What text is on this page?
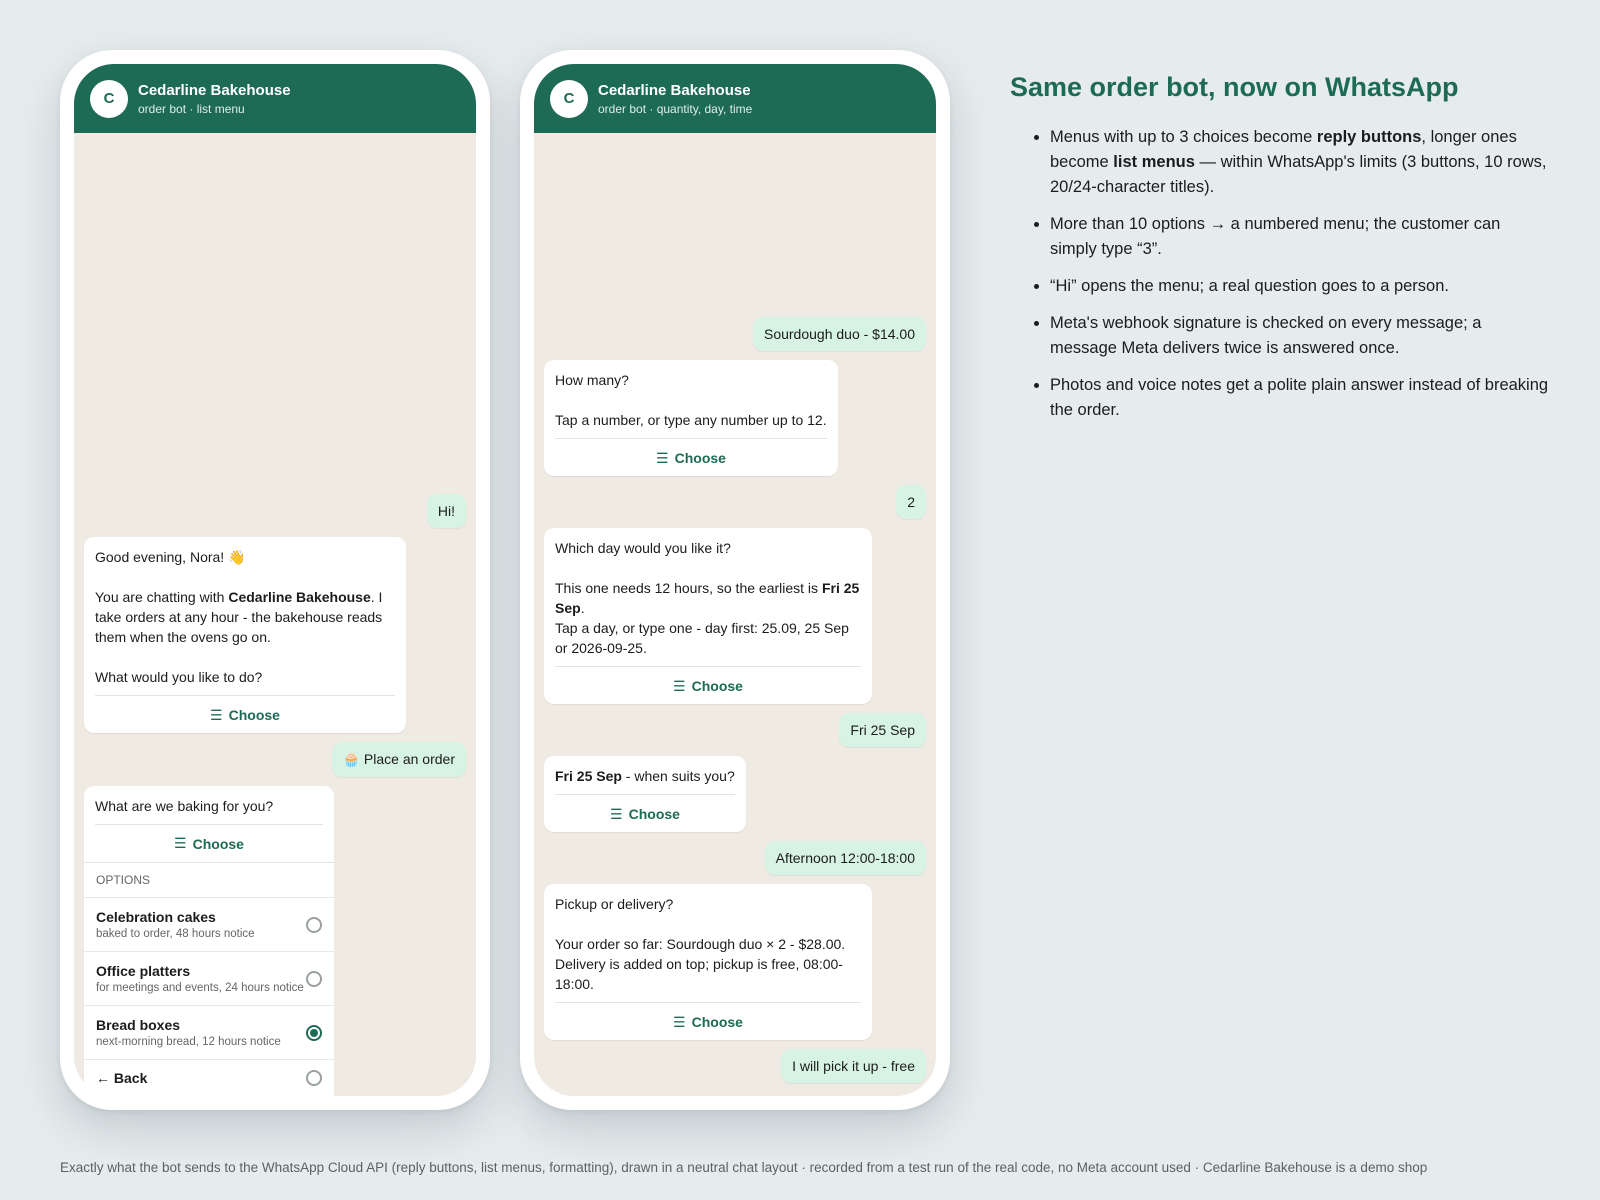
C	Cedarline Bakehouse
order bot · list menu
Hi!

Good evening, Nora! 👋

You are chatting with Cedarline Bakehouse. I take orders at any hour - the bakehouse reads them when the ovens go on.

What would you like to do?

☰ Choose
🧁 Place an order
What are we baking for you?
☰ Choose
OPTIONS
Celebration cakes
baked to order, 48 hours notice
Office platters
for meetings and events, 24 hours notice
Bread boxes
next-morning bread, 12 hours notice
← Back
C	Cedarline Bakehouse
order bot · quantity, day, time
Sourdough duo - $14.00

How many?

Tap a number, or type any number up to 12.

☰ Choose
2

Which day would you like it?

This one needs 12 hours, so the earliest is Fri 25 Sep.

Tap a day, or type one - day first: 25.09, 25 Sep or 2026-09-25.

☰ Choose
Fri 25 Sep

Fri 25 Sep - when suits you?

☰ Choose
Afternoon 12:00-18:00

Pickup or delivery?

Your order so far: Sourdough duo × 2 - $28.00.

Delivery is added on top; pickup is free, 08:00-18:00.

☰ Choose
I will pick it up - free
Same order bot, now on WhatsApp
• Menus with up to 3 choices become reply buttons, longer ones become list menus — within WhatsApp's limits (3 buttons, 10 rows, 20/24-character titles).
• More than 10 options → a numbered menu; the customer can simply type “3”.
• “Hi” opens the menu; a real question goes to a person.
• Meta's webhook signature is checked on every message; a message Meta delivers twice is answered once.
• Photos and voice notes get a polite plain answer instead of breaking the order.
Exactly what the bot sends to the WhatsApp Cloud API (reply buttons, list menus, formatting), drawn in a neutral chat layout · recorded from a test run of the real code, no Meta account used · Cedarline Bakehouse is a demo shop
